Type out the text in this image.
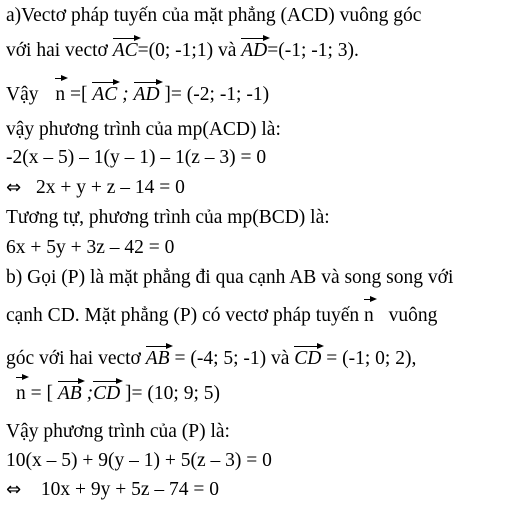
a)Vectơ pháp tuyến của mặt phẳng (ACD) vuông góc
với hai vectơ AC=(0; -1;1) và AD=(-1; -1; 3).
Vậy n =[ AC ; AD ]= (-2; -1; -1)
vậy phương trình của mp(ACD) là:
-2(x – 5) – 1(y – 1) – 1(z – 3) = 0
⇔ 2x + y + z – 14 = 0
Tương tự, phương trình của mp(BCD) là:
6x + 5y + 3z – 42 = 0
b) Gọi (P) là mặt phẳng đi qua cạnh AB và song song với
cạnh CD. Mặt phẳng (P) có vectơ pháp tuyến n vuông
góc với hai vectơ AB = (-4; 5; -1) và CD = (-1; 0; 2),
n = [ AB ;CD ]= (10; 9; 5)
Vậy phương trình của (P) là:
10(x – 5) + 9(y – 1) + 5(z – 3) = 0
⇔ 10x + 9y + 5z – 74 = 0
